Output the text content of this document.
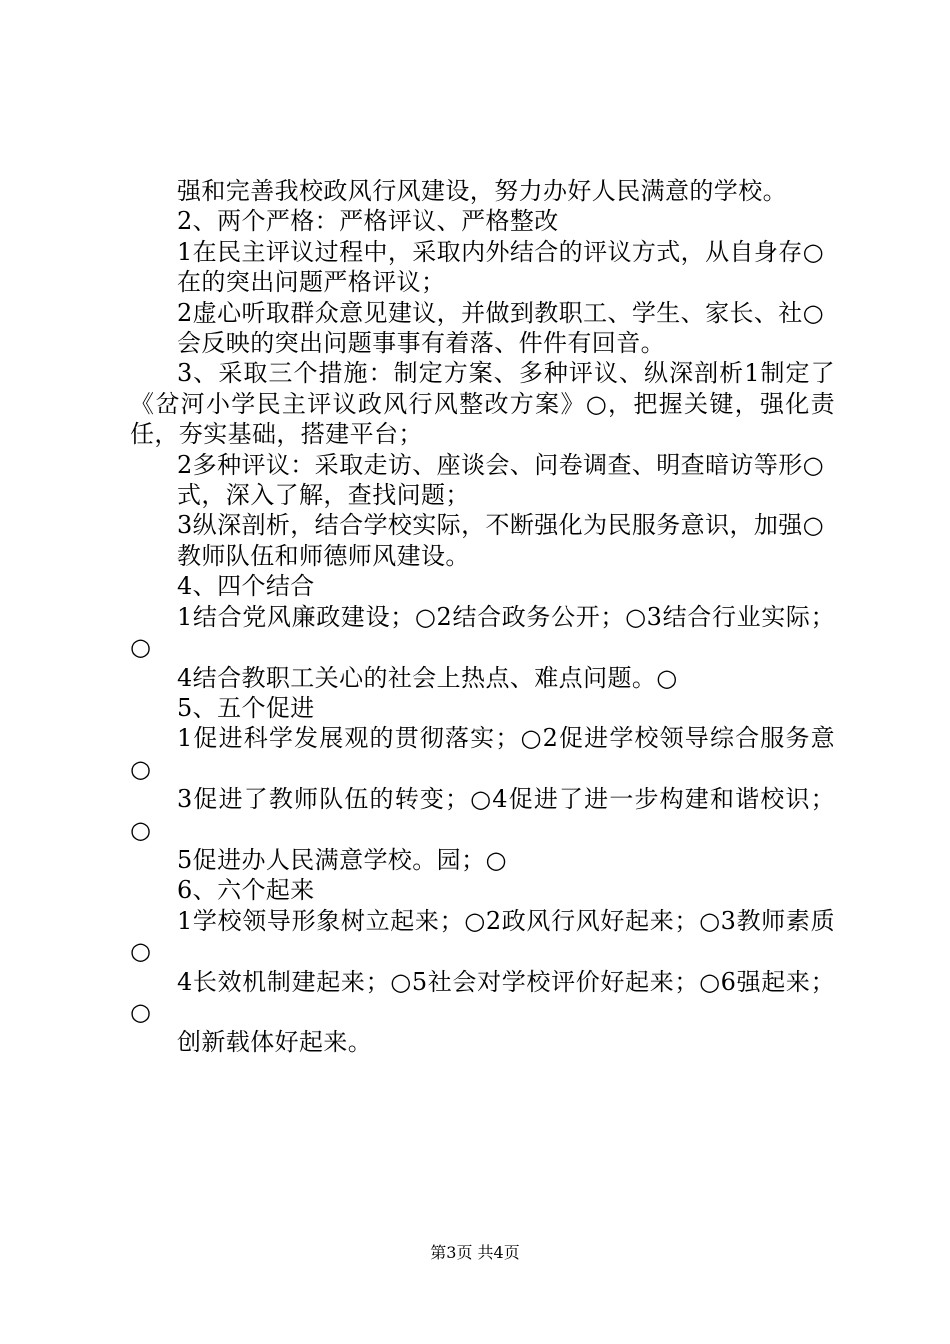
强和完善我校政风行风建设，努力办好人民满意的学校。

2、两个严格：严格评议、严格整改

1在民主评议过程中，采取内外结合的评议方式，从自身存○

在的突出问题严格评议；

2虚心听取群众意见建议，并做到教职工、学生、家长、社○

会反映的突出问题事事有着落、件件有回音。

3、采取三个措施：制定方案、多种评议、纵深剖析1制定了《岔河小学民主评议政风行风整改方案》○，把握关键，强化责任，夯实基础，搭建平台；

2多种评议：采取走访、座谈会、问卷调查、明查暗访等形○

式，深入了解，查找问题；

3纵深剖析，结合学校实际，不断强化为民服务意识，加强○

教师队伍和师德师风建设。

4、四个结合

1结合党风廉政建设；○2结合政务公开；○3结合行业实际；○

4结合教职工关心的社会上热点、难点问题。○

5、五个促进

1促进科学发展观的贯彻落实；○2促进学校领导综合服务意○

3促进了教师队伍的转变；○4促进了进一步构建和谐校识；○

5促进办人民满意学校。园；○

6、六个起来

1学校领导形象树立起来；○2政风行风好起来；○3教师素质○

4长效机制建起来；○5社会对学校评价好起来；○6强起来；○

创新载体好起来。

第3页 共4页
